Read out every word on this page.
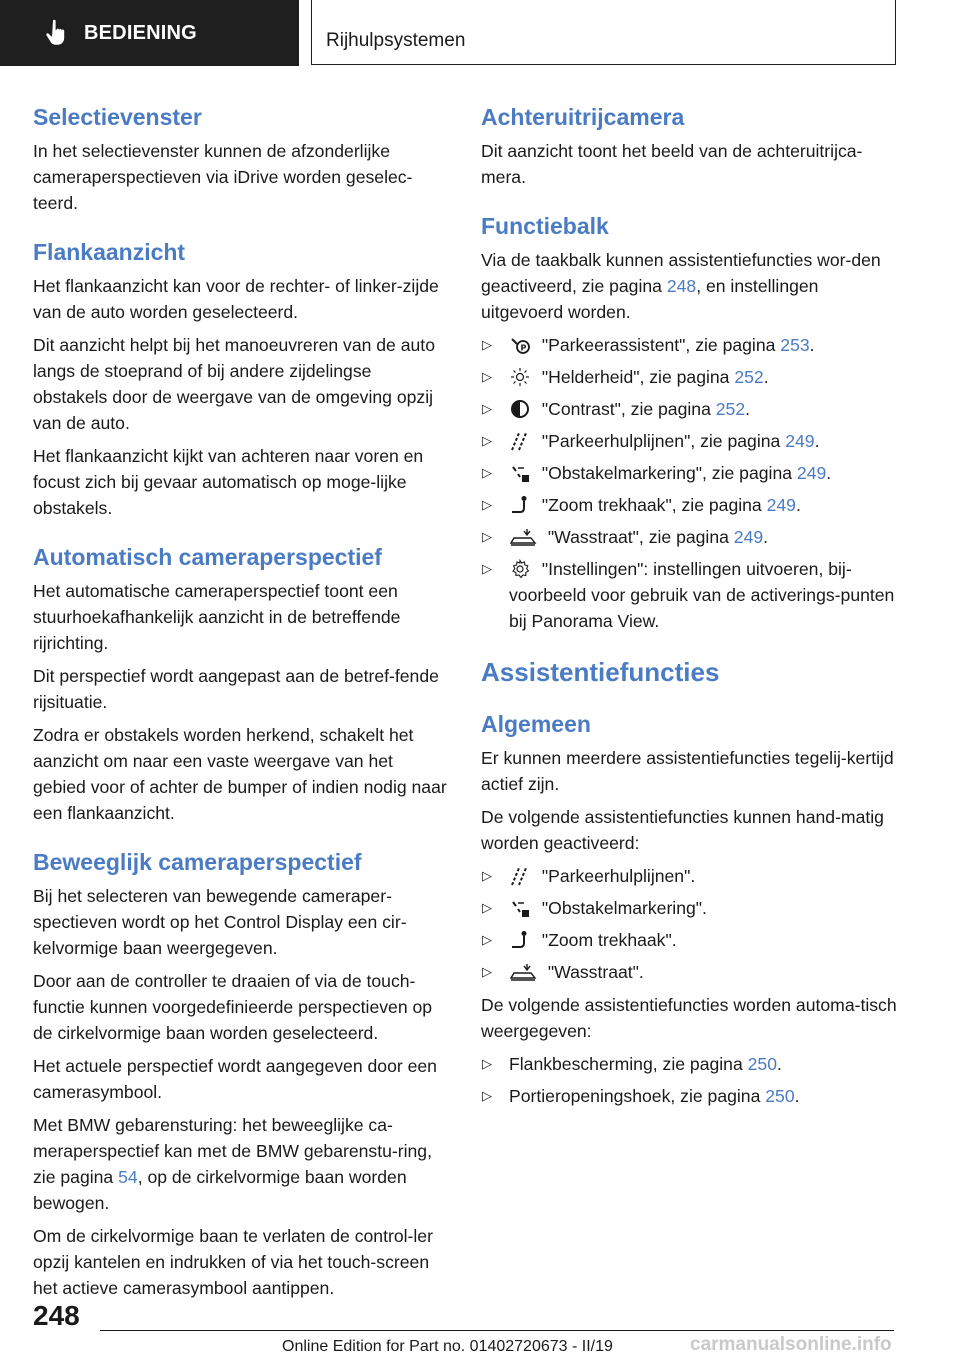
BEDIENING	Rijhulpsystemen
Selectievenster

In het selectievenster kunnen de afzonderlijke cameraperspectieven via iDrive worden geselec-teerd.

Flankaanzicht

Het flankaanzicht kan voor de rechter- of linker-zijde van de auto worden geselecteerd.

Dit aanzicht helpt bij het manoeuvreren van de auto langs de stoeprand of bij andere zijdelingse obstakels door de weergave van de omgeving opzij van de auto.

Het flankaanzicht kijkt van achteren naar voren en focust zich bij gevaar automatisch op moge-lijke obstakels.

Automatisch cameraperspectief

Het automatische cameraperspectief toont een stuurhoekafhankelijk aanzicht in de betreffende rijrichting.

Dit perspectief wordt aangepast aan de betref-fende rijsituatie.

Zodra er obstakels worden herkend, schakelt het aanzicht om naar een vaste weergave van het gebied voor of achter de bumper of indien nodig naar een flankaanzicht.

Beweeglijk cameraperspectief

Bij het selecteren van bewegende cameraper-spectieven wordt op het Control Display een cir-kelvormige baan weergegeven.

Door aan de controller te draaien of via de touch-functie kunnen voorgedefinieerde perspectieven op de cirkelvormige baan worden geselecteerd.

Het actuele perspectief wordt aangegeven door een camerasymbool.

Met BMW gebarensturing: het beweeglijke ca-meraperspectief kan met de BMW gebarenstu-ring, zie pagina 54, op de cirkelvormige baan worden bewogen.

Om de cirkelvormige baan te verlaten de control-ler opzij kantelen en indrukken of via het touch-screen het actieve camerasymbool aantippen.

Achteruitrijcamera

Dit aanzicht toont het beeld van de achteruitrijca-mera.

Functiebalk

Via de taakbalk kunnen assistentiefuncties wor-den geactiveerd, zie pagina 248, en instellingen uitgevoerd worden.

▷	P "Parkeerassistent", zie pagina 253.
▷	"Helderheid", zie pagina 252.
▷	"Contrast", zie pagina 252.
▷	"Parkeerhulplijnen", zie pagina 249.
▷	"Obstakelmarkering", zie pagina 249.
▷	"Zoom trekhaak", zie pagina 249.
▷	"Wasstraat", zie pagina 249.
▷	"Instellingen": instellingen uitvoeren, bij-voorbeeld voor gebruik van de activerings-punten bij Panorama View.
Assistentiefuncties
Algemeen

Er kunnen meerdere assistentiefuncties tegelij-kertijd actief zijn.

De volgende assistentiefuncties kunnen hand-matig worden geactiveerd:

▷	"Parkeerhulplijnen".
▷	"Obstakelmarkering".
▷	"Zoom trekhaak".
▷	"Wasstraat".

De volgende assistentiefuncties worden automa-tisch weergegeven:

▷ Flankbescherming, zie pagina 250.
▷ Portieropeningshoek, zie pagina 250.
248
Online Edition for Part no. 01402720673 - II/19	carmanualsonline.info
